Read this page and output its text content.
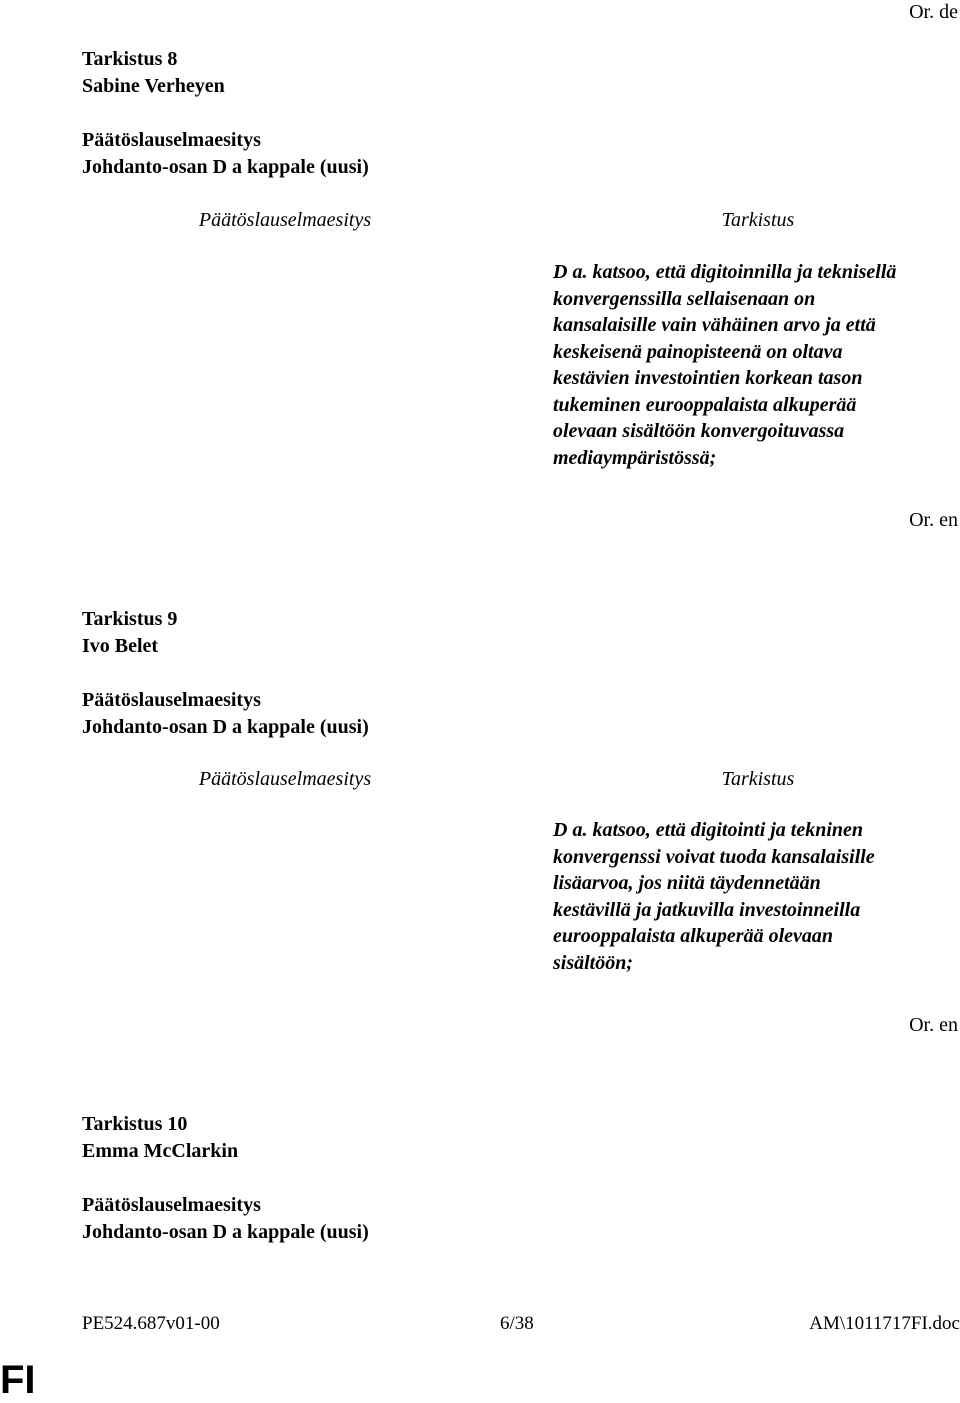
Or. de
Tarkistus 8
Sabine Verheyen
Päätöslauselmaesitys
Johdanto-osan D a kappale (uusi)
Päätöslauselmaesitys	Tarkistus
D a. katsoo, että digitoinnilla ja teknisellä
konvergenssilla sellaisenaan on
kansalaisille vain vähäinen arvo ja että
keskeisenä painopisteenä on oltava
kestävien investointien korkean tason
tukeminen eurooppalaista alkuperää
olevaan sisältöön konvergoituvassa
mediaympäristössä;
Or. en
Tarkistus 9
Ivo Belet
Päätöslauselmaesitys
Johdanto-osan D a kappale (uusi)
Päätöslauselmaesitys	Tarkistus
D a. katsoo, että digitointi ja tekninen
konvergenssi voivat tuoda kansalaisille
lisäarvoa, jos niitä täydennetään
kestävillä ja jatkuvilla investoinneilla
eurooppalaista alkuperää olevaan
sisältöön;
Or. en
Tarkistus 10
Emma McClarkin
Päätöslauselmaesitys
Johdanto-osan D a kappale (uusi)
PE524.687v01-00	6/38	AM\1011717FI.doc
FI
